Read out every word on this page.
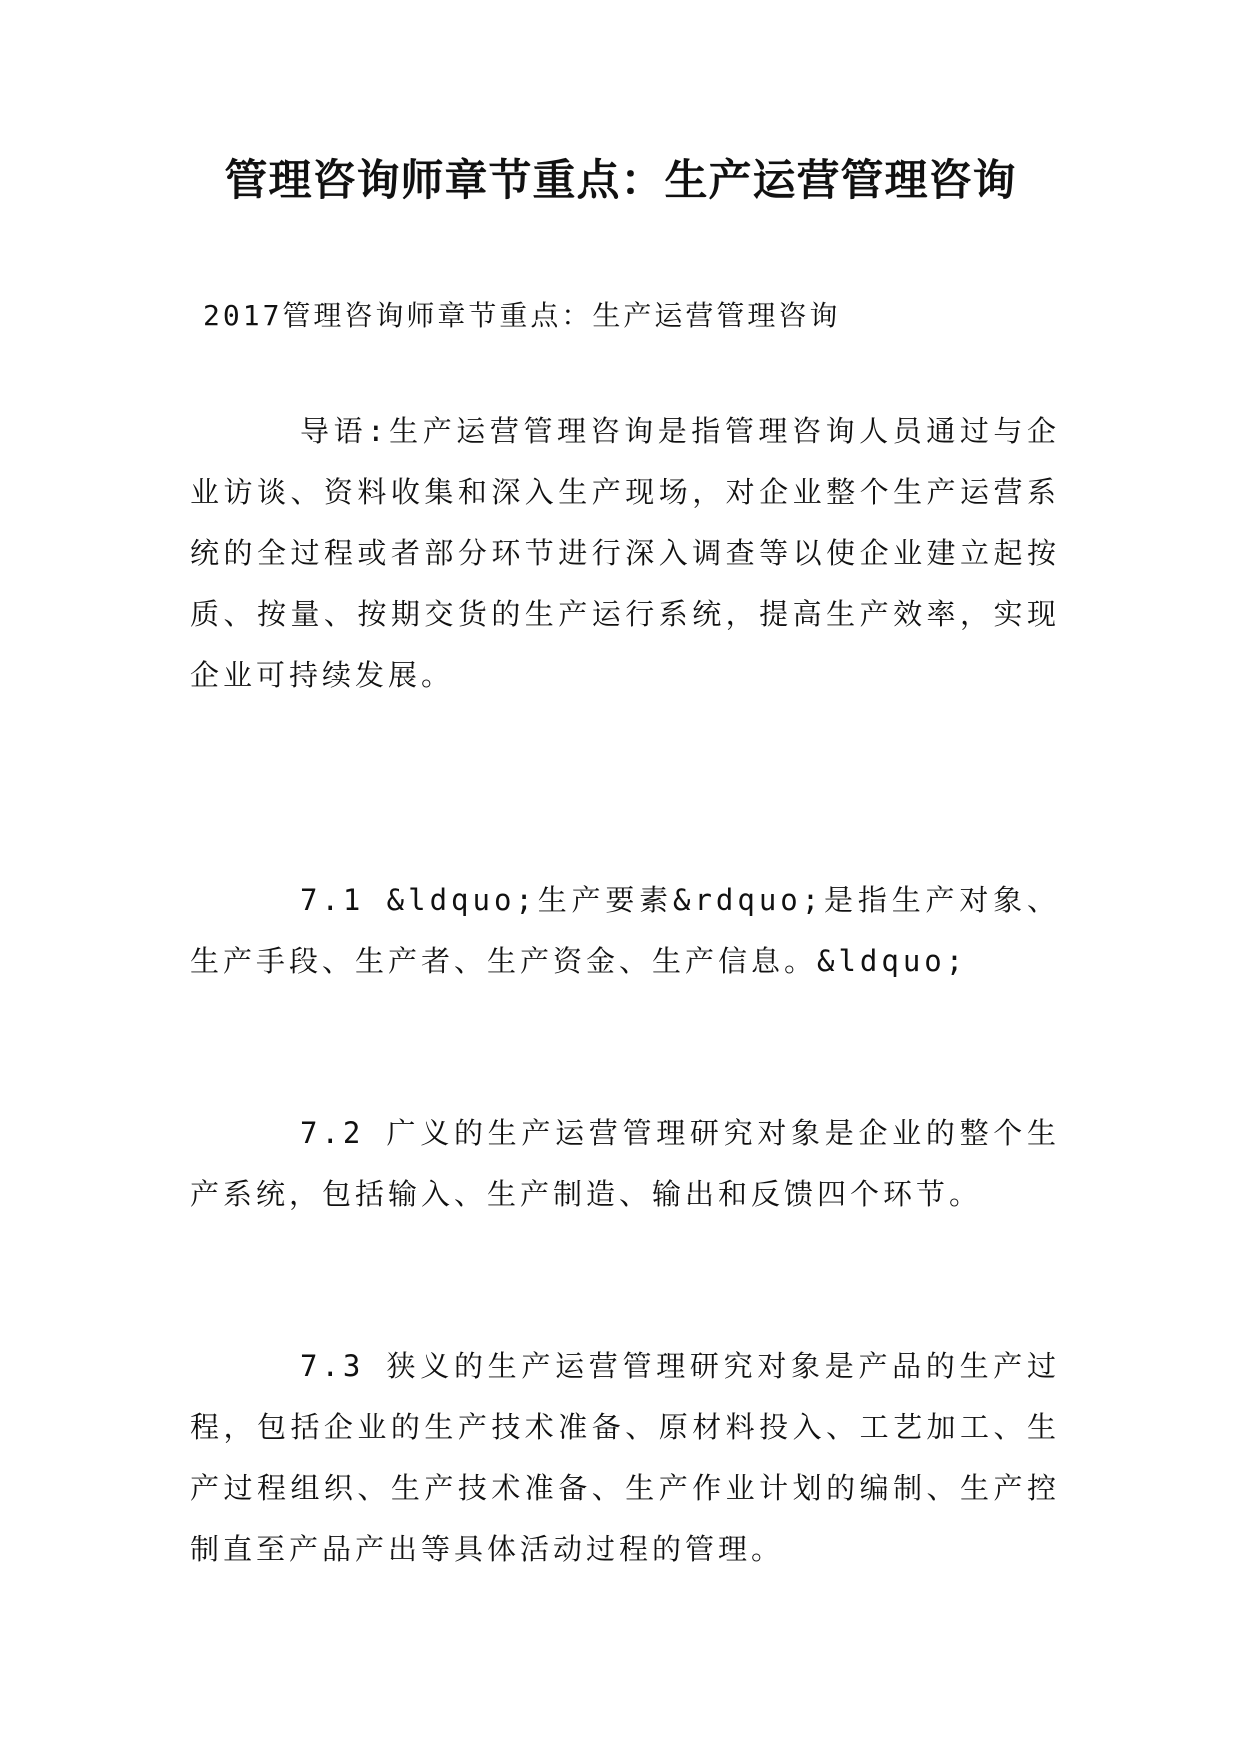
管理咨询师章节重点：生产运营管理咨询

2017管理咨询师章节重点：生产运营管理咨询

导语:生产运营管理咨询是指管理咨询人员通过与企业访谈、资料收集和深入生产现场，对企业整个生产运营系统的全过程或者部分环节进行深入调查等以使企业建立起按质、按量、按期交货的生产运行系统，提高生产效率，实现企业可持续发展。

7.1 &ldquo;生产要素&rdquo;是指生产对象、生产手段、生产者、生产资金、生产信息。&ldquo;

7.2 广义的生产运营管理研究对象是企业的整个生产系统，包括输入、生产制造、输出和反馈四个环节。

7.3 狭义的生产运营管理研究对象是产品的生产过程，包括企业的生产技术准备、原材料投入、工艺加工、生产过程组织、生产技术准备、生产作业计划的编制、生产控制直至产品产出等具体活动过程的管理。
